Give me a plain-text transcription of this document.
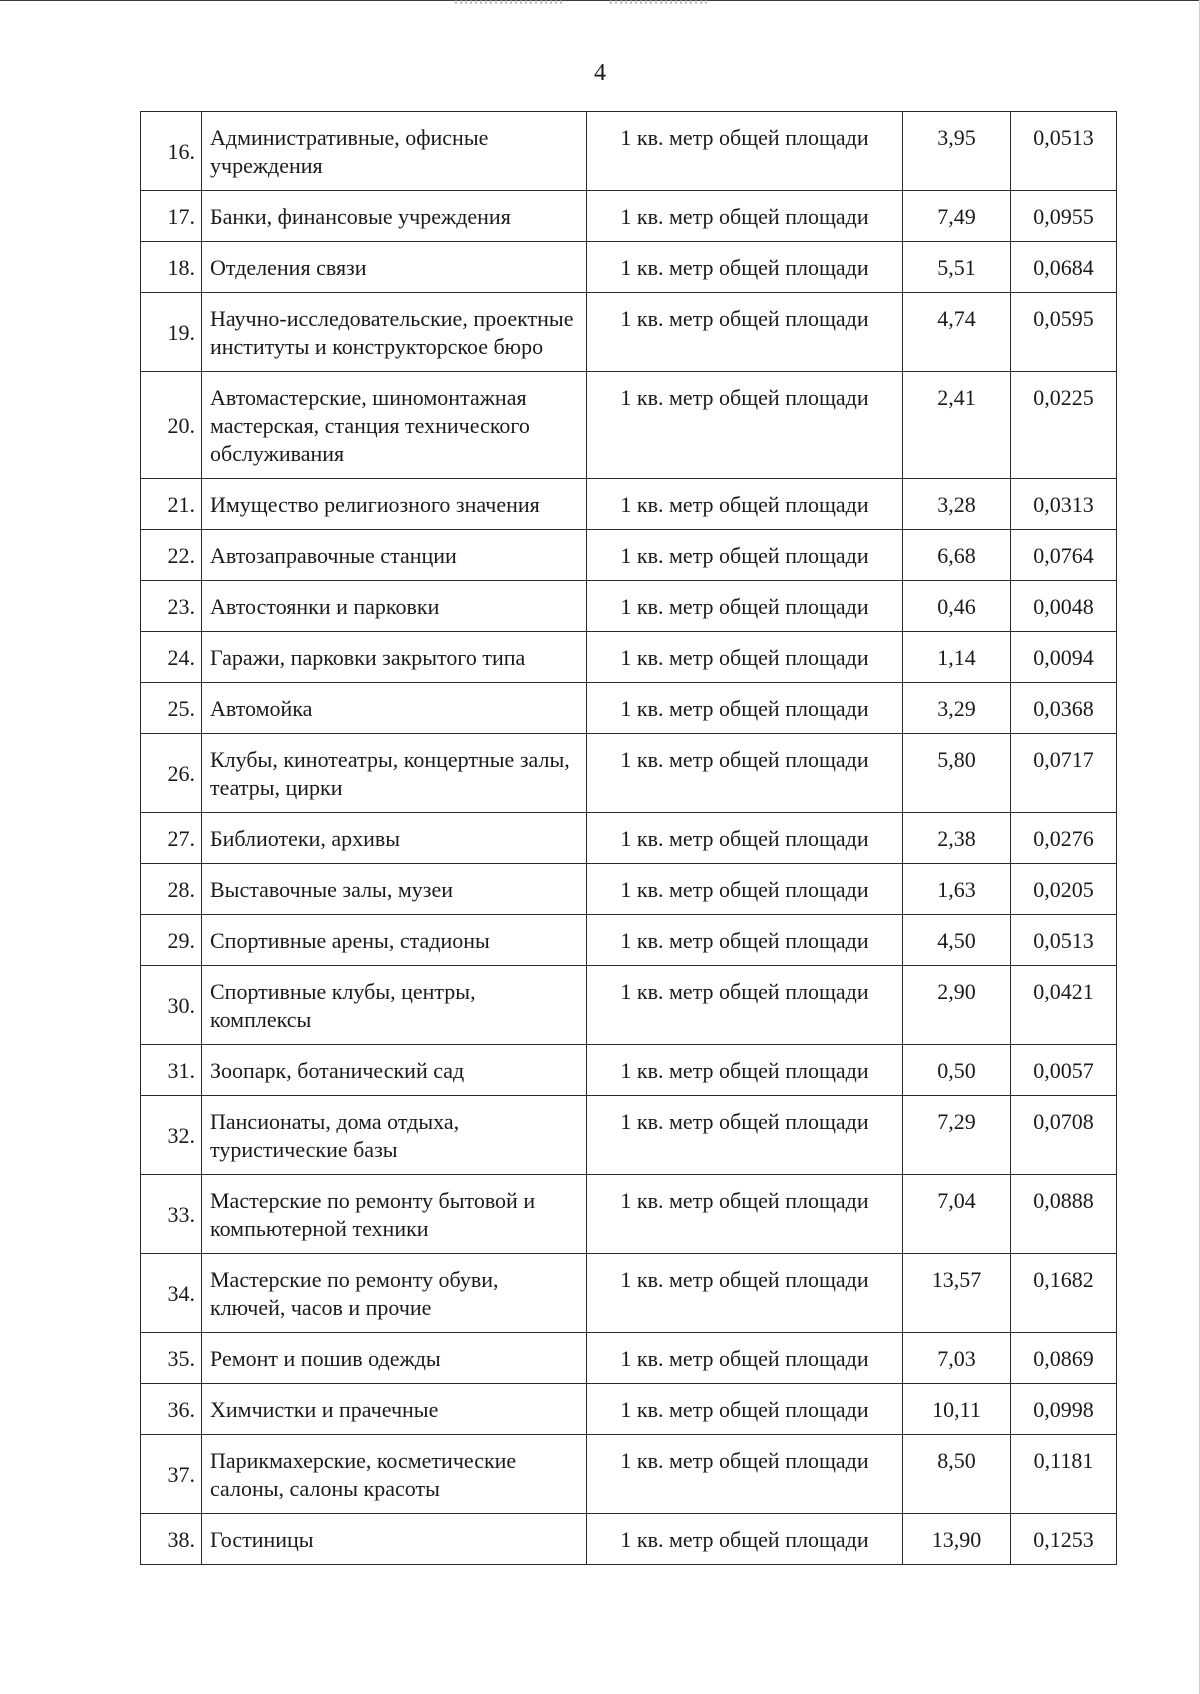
4
16.	Административные, офисные учреждения	1 кв. метр общей площади	3,95	0,0513
17.	Банки, финансовые учреждения	1 кв. метр общей площади	7,49	0,0955
18.	Отделения связи	1 кв. метр общей площади	5,51	0,0684
19.	Научно-исследовательские, проектные институты и конструкторское бюро	1 кв. метр общей площади	4,74	0,0595
20.	Автомастерские, шиномонтажная мастерская, станция технического обслуживания	1 кв. метр общей площади	2,41	0,0225
21.	Имущество религиозного значения	1 кв. метр общей площади	3,28	0,0313
22.	Автозаправочные станции	1 кв. метр общей площади	6,68	0,0764
23.	Автостоянки и парковки	1 кв. метр общей площади	0,46	0,0048
24.	Гаражи, парковки закрытого типа	1 кв. метр общей площади	1,14	0,0094
25.	Автомойка	1 кв. метр общей площади	3,29	0,0368
26.	Клубы, кинотеатры, концертные залы, театры, цирки	1 кв. метр общей площади	5,80	0,0717
27.	Библиотеки, архивы	1 кв. метр общей площади	2,38	0,0276
28.	Выставочные залы, музеи	1 кв. метр общей площади	1,63	0,0205
29.	Спортивные арены, стадионы	1 кв. метр общей площади	4,50	0,0513
30.	Спортивные клубы, центры, комплексы	1 кв. метр общей площади	2,90	0,0421
31.	Зоопарк, ботанический сад	1 кв. метр общей площади	0,50	0,0057
32.	Пансионаты, дома отдыха, туристические базы	1 кв. метр общей площади	7,29	0,0708
33.	Мастерские по ремонту бытовой и компьютерной техники	1 кв. метр общей площади	7,04	0,0888
34.	Мастерские по ремонту обуви, ключей, часов и прочие	1 кв. метр общей площади	13,57	0,1682
35.	Ремонт и пошив одежды	1 кв. метр общей площади	7,03	0,0869
36.	Химчистки и прачечные	1 кв. метр общей площади	10,11	0,0998
37.	Парикмахерские, косметические салоны, салоны красоты	1 кв. метр общей площади	8,50	0,1181
38.	Гостиницы	1 кв. метр общей площади	13,90	0,1253
